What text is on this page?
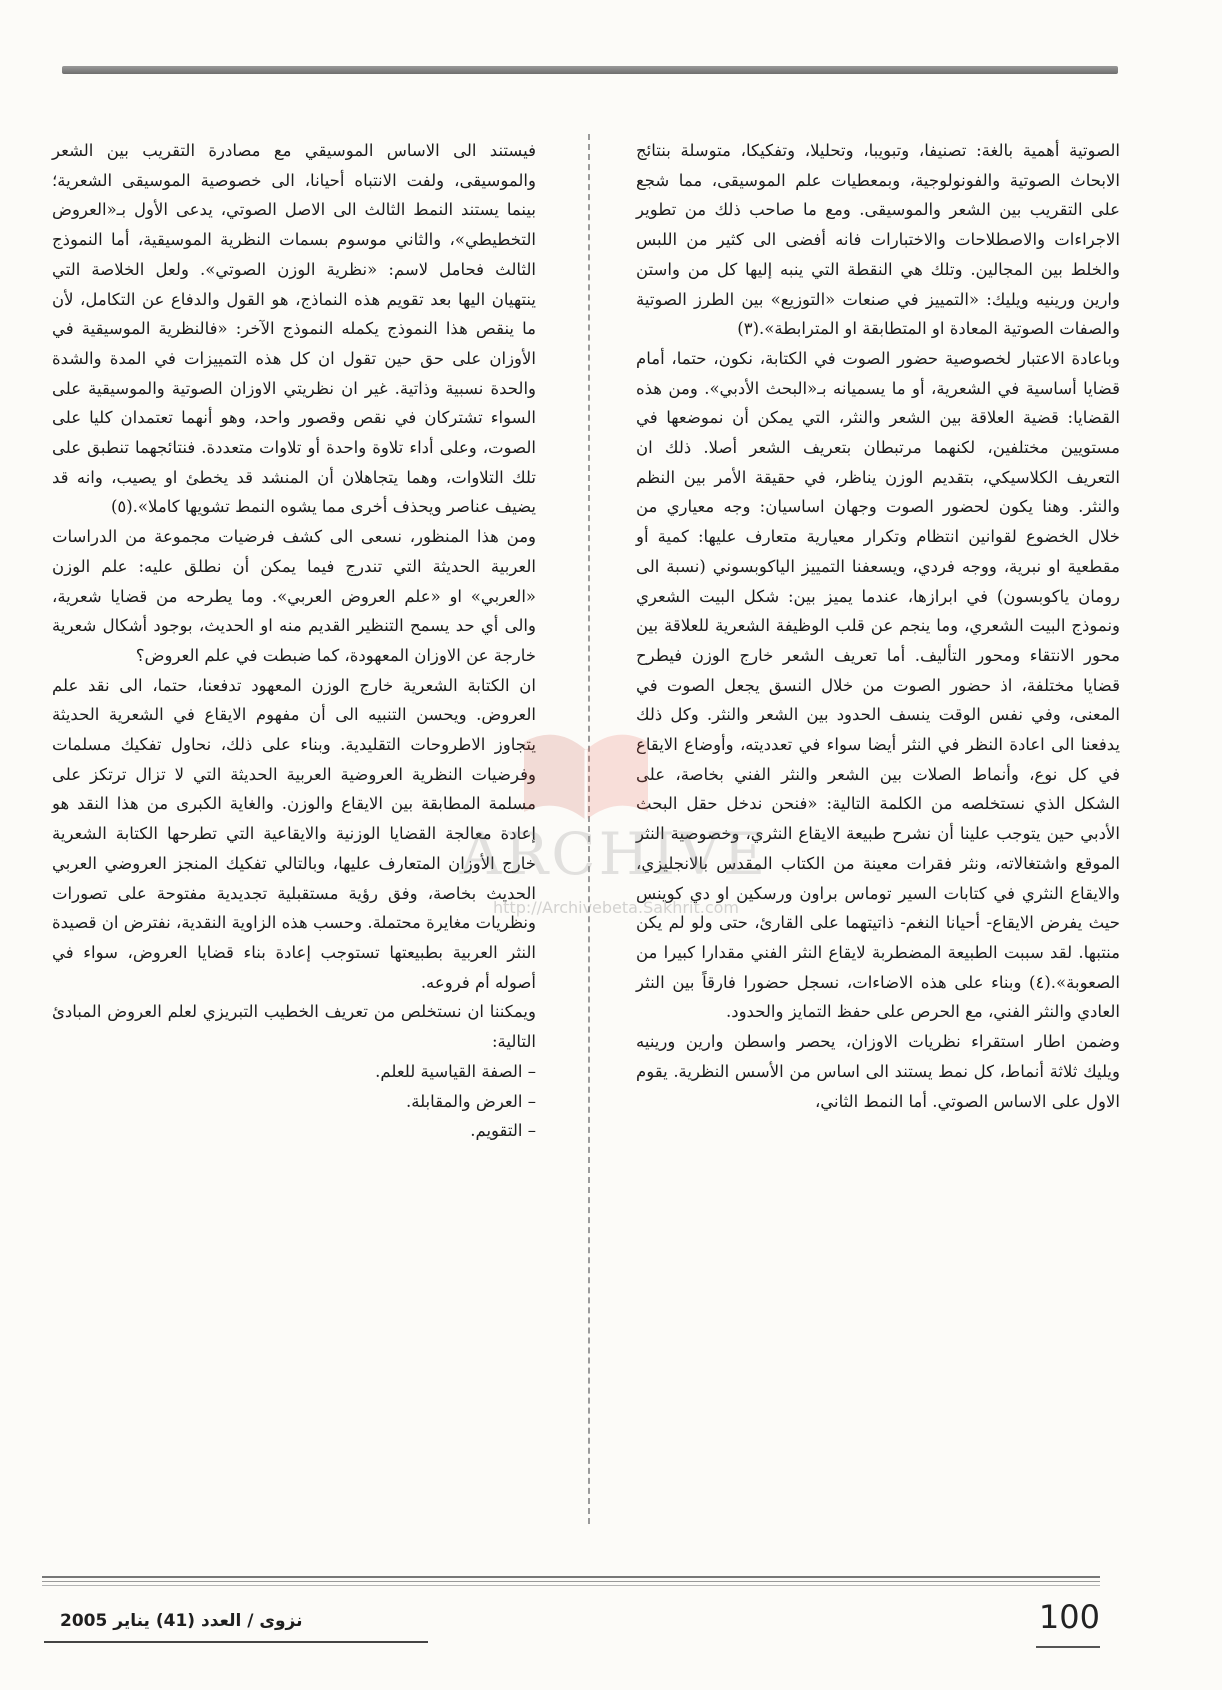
الصوتية أهمية بالغة: تصنيفا، وتبويبا، وتحليلا، وتفكيكا، متوسلة بنتائج الابحاث الصوتية والفونولوجية، وبمعطيات علم الموسيقى، مما شجع على التقريب بين الشعر والموسيقى. ومع ما صاحب ذلك من تطوير الاجراءات والاصطلاحات والاختبارات فانه أفضى الى كثير من اللبس والخلط بين المجالين. وتلك هي النقطة التي ينبه إليها كل من واستن وارين ورينيه ويليك: «التمييز في صنعات «التوزيع» بين الطرز الصوتية والصفات الصوتية المعادة او المتطابقة او المترابطة».(٣)

وباعادة الاعتبار لخصوصية حضور الصوت في الكتابة، نكون، حتما، أمام قضايا أساسية في الشعرية، أو ما يسميانه بـ«البحث الأدبي». ومن هذه القضايا: قضية العلاقة بين الشعر والنثر، التي يمكن أن نموضعها في مستويين مختلفين، لكنهما مرتبطان بتعريف الشعر أصلا. ذلك ان التعريف الكلاسيكي، بتقديم الوزن يناظر، في حقيقة الأمر بين النظم والنثر. وهنا يكون لحضور الصوت وجهان اساسيان: وجه معياري من خلال الخضوع لقوانين انتظام وتكرار معيارية متعارف عليها: كمية أو مقطعية او نبرية، ووجه فردي، ويسعفنا التمييز الياكوبسوني (نسبة الى رومان ياكوبسون) في ابرازها، عندما يميز بين: شكل البيت الشعري ونموذج البيت الشعري، وما ينجم عن قلب الوظيفة الشعرية للعلاقة بين محور الانتقاء ومحور التأليف. أما تعريف الشعر خارج الوزن فيطرح قضايا مختلفة، اذ حضور الصوت من خلال النسق يجعل الصوت في المعنى، وفي نفس الوقت ينسف الحدود بين الشعر والنثر. وكل ذلك يدفعنا الى اعادة النظر في النثر أيضا سواء في تعدديته، وأوضاع الايقاع في كل نوع، وأنماط الصلات بين الشعر والنثر الفني بخاصة، على الشكل الذي نستخلصه من الكلمة التالية: «فنحن ندخل حقل البحث الأدبي حين يتوجب علينا أن نشرح طبيعة الايقاع النثري، وخصوصية النثر الموقع واشتغالاته، ونثر فقرات معينة من الكتاب المقدس بالانجليزي، والايقاع النثري في كتابات السير توماس براون ورسكين او دي كوينس حيث يفرض الايقاع- أحيانا النغم- ذاتيتهما على القارئ، حتى ولو لم يكن منتبها. لقد سببت الطبيعة المضطربة لايقاع النثر الفني مقدارا كبيرا من الصعوبة».(٤) وبناء على هذه الاضاءات، نسجل حضورا فارقاً بين النثر العادي والنثر الفني، مع الحرص على حفظ التمايز والحدود.

وضمن اطار استقراء نظريات الاوزان، يحصر واسطن وارين ورينيه ويليك ثلاثة أنماط، كل نمط يستند الى اساس من الأسس النظرية. يقوم الاول على الاساس الصوتي. أما النمط الثاني،

فيستند الى الاساس الموسيقي مع مصادرة التقريب بين الشعر والموسيقى، ولفت الانتباه أحيانا، الى خصوصية الموسيقى الشعرية؛ بينما يستند النمط الثالث الى الاصل الصوتي، يدعى الأول بـ«العروض التخطيطي»، والثاني موسوم بسمات النظرية الموسيقية، أما النموذج الثالث فحامل لاسم: «نظرية الوزن الصوتي». ولعل الخلاصة التي ينتهيان اليها بعد تقويم هذه النماذج، هو القول والدفاع عن التكامل، لأن ما ينقص هذا النموذج يكمله النموذج الآخر: «فالنظرية الموسيقية في الأوزان على حق حين تقول ان كل هذه التمييزات في المدة والشدة والحدة نسبية وذاتية. غير ان نظريتي الاوزان الصوتية والموسيقية على السواء تشتركان في نقص وقصور واحد، وهو أنهما تعتمدان كليا على الصوت، وعلى أداء تلاوة واحدة أو تلاوات متعددة. فنتائجهما تنطبق على تلك التلاوات، وهما يتجاهلان أن المنشد قد يخطئ او يصيب، وانه قد يضيف عناصر ويحذف أخرى مما يشوه النمط تشويها كاملا».(٥)

ومن هذا المنظور، نسعى الى كشف فرضيات مجموعة من الدراسات العربية الحديثة التي تندرج فيما يمكن أن نطلق عليه: علم الوزن «العربي» او «علم العروض العربي». وما يطرحه من قضايا شعرية، والى أي حد يسمح التنظير القديم منه او الحديث، بوجود أشكال شعرية خارجة عن الاوزان المعهودة، كما ضبطت في علم العروض؟

ان الكتابة الشعرية خارج الوزن المعهود تدفعنا، حتما، الى نقد علم العروض. ويحسن التنبيه الى أن مفهوم الايقاع في الشعرية الحديثة يتجاوز الاطروحات التقليدية. وبناء على ذلك، نحاول تفكيك مسلمات وفرضيات النظرية العروضية العربية الحديثة التي لا تزال ترتكز على مسلمة المطابقة بين الايقاع والوزن. والغاية الكبرى من هذا النقد هو إعادة معالجة القضايا الوزنية والايقاعية التي تطرحها الكتابة الشعرية خارج الأوزان المتعارف عليها، وبالتالي تفكيك المنجز العروضي العربي الحديث بخاصة، وفق رؤية مستقبلية تجديدية مفتوحة على تصورات ونظريات مغايرة محتملة. وحسب هذه الزاوية النقدية، نفترض ان قصيدة النثر العربية بطبيعتها تستوجب إعادة بناء قضايا العروض، سواء في أصوله أم فروعه.

ويمكننا ان نستخلص من تعريف الخطيب التبريزي لعلم العروض المبادئ التالية:

– الصفة القياسية للعلم.

– العرض والمقابلة.

– التقويم.

ARCHIVE
http://Archivebeta.Sakhrit.com
100
نزوى / العدد (41) يناير 2005
